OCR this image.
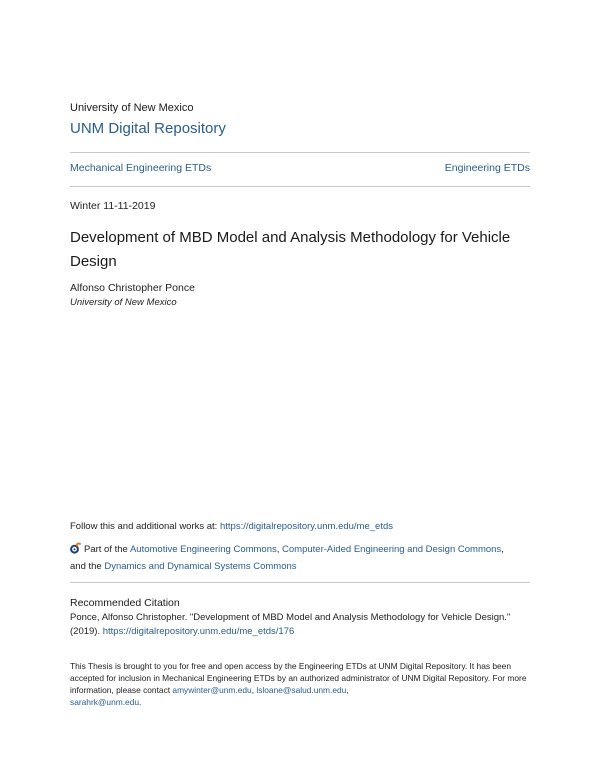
University of New Mexico
UNM Digital Repository
Mechanical Engineering ETDs	Engineering ETDs
Winter 11-11-2019
Development of MBD Model and Analysis Methodology for Vehicle Design
Alfonso Christopher Ponce
University of New Mexico
Follow this and additional works at: https://digitalrepository.unm.edu/me_etds
Part of the Automotive Engineering Commons, Computer-Aided Engineering and Design Commons,
and the Dynamics and Dynamical Systems Commons
Recommended Citation
Ponce, Alfonso Christopher. "Development of MBD Model and Analysis Methodology for Vehicle Design." (2019). https://digitalrepository.unm.edu/me_etds/176
This Thesis is brought to you for free and open access by the Engineering ETDs at UNM Digital Repository. It has been accepted for inclusion in Mechanical Engineering ETDs by an authorized administrator of UNM Digital Repository. For more information, please contact amywinter@unm.edu, lsloane@salud.unm.edu,
sarahrk@unm.edu.
